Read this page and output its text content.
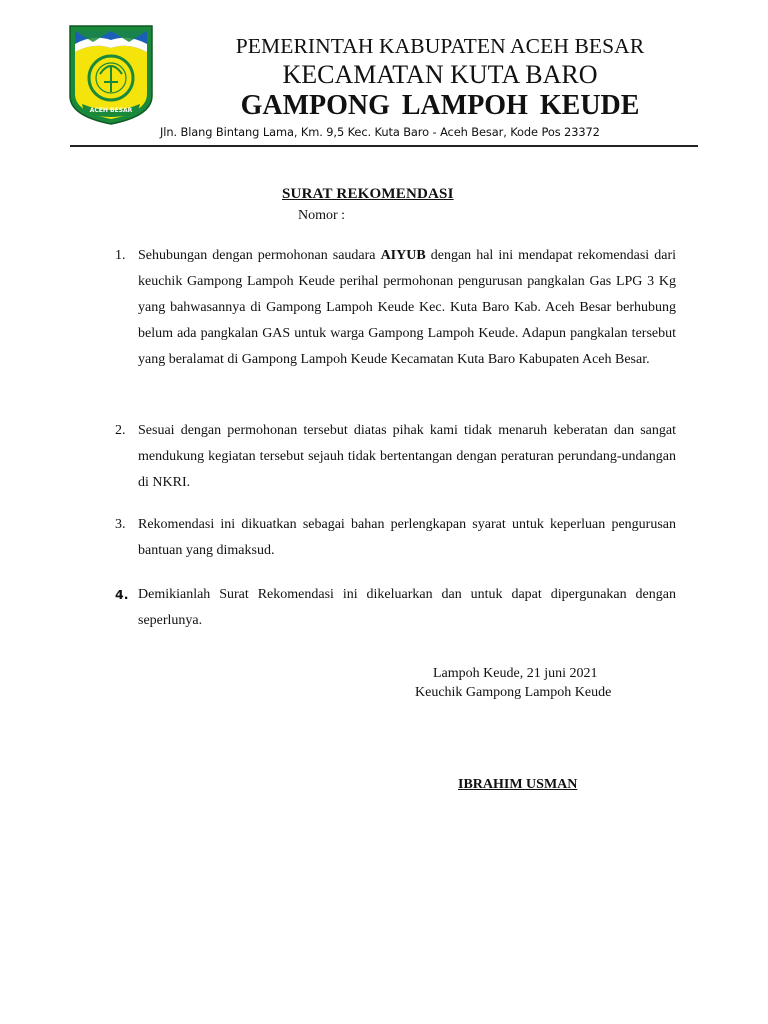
ACEH BESAR
PEMERINTAH KABUPATEN ACEH BESAR
KECAMATAN KUTA BARO
GAMPONG LAMPOH KEUDE
Jln. Blang Bintang Lama, Km. 9,5 Kec. Kuta Baro - Aceh Besar, Kode Pos 23372
SURAT REKOMENDASI
Nomor :
1. Sehubungan dengan permohonan saudara AIYUB dengan hal ini mendapat rekomendasi dari keuchik Gampong Lampoh Keude perihal permohonan pengurusan pangkalan Gas LPG 3 Kg yang bahwasannya di Gampong Lampoh Keude Kec. Kuta Baro Kab. Aceh Besar berhubung belum ada pangkalan GAS untuk warga Gampong Lampoh Keude. Adapun pangkalan tersebut yang beralamat di Gampong Lampoh Keude Kecamatan Kuta Baro Kabupaten Aceh Besar.
2. Sesuai dengan permohonan tersebut diatas pihak kami tidak menaruh keberatan dan sangat mendukung kegiatan tersebut sejauh tidak bertentangan dengan peraturan perundang-undangan di NKRI.
3. Rekomendasi ini dikuatkan sebagai bahan perlengkapan syarat untuk keperluan pengurusan bantuan yang dimaksud.
4. Demikianlah Surat Rekomendasi ini dikeluarkan dan untuk dapat dipergunakan dengan seperlunya.
Lampoh Keude, 21 juni 2021
Keuchik Gampong Lampoh Keude
IBRAHIM USMAN
